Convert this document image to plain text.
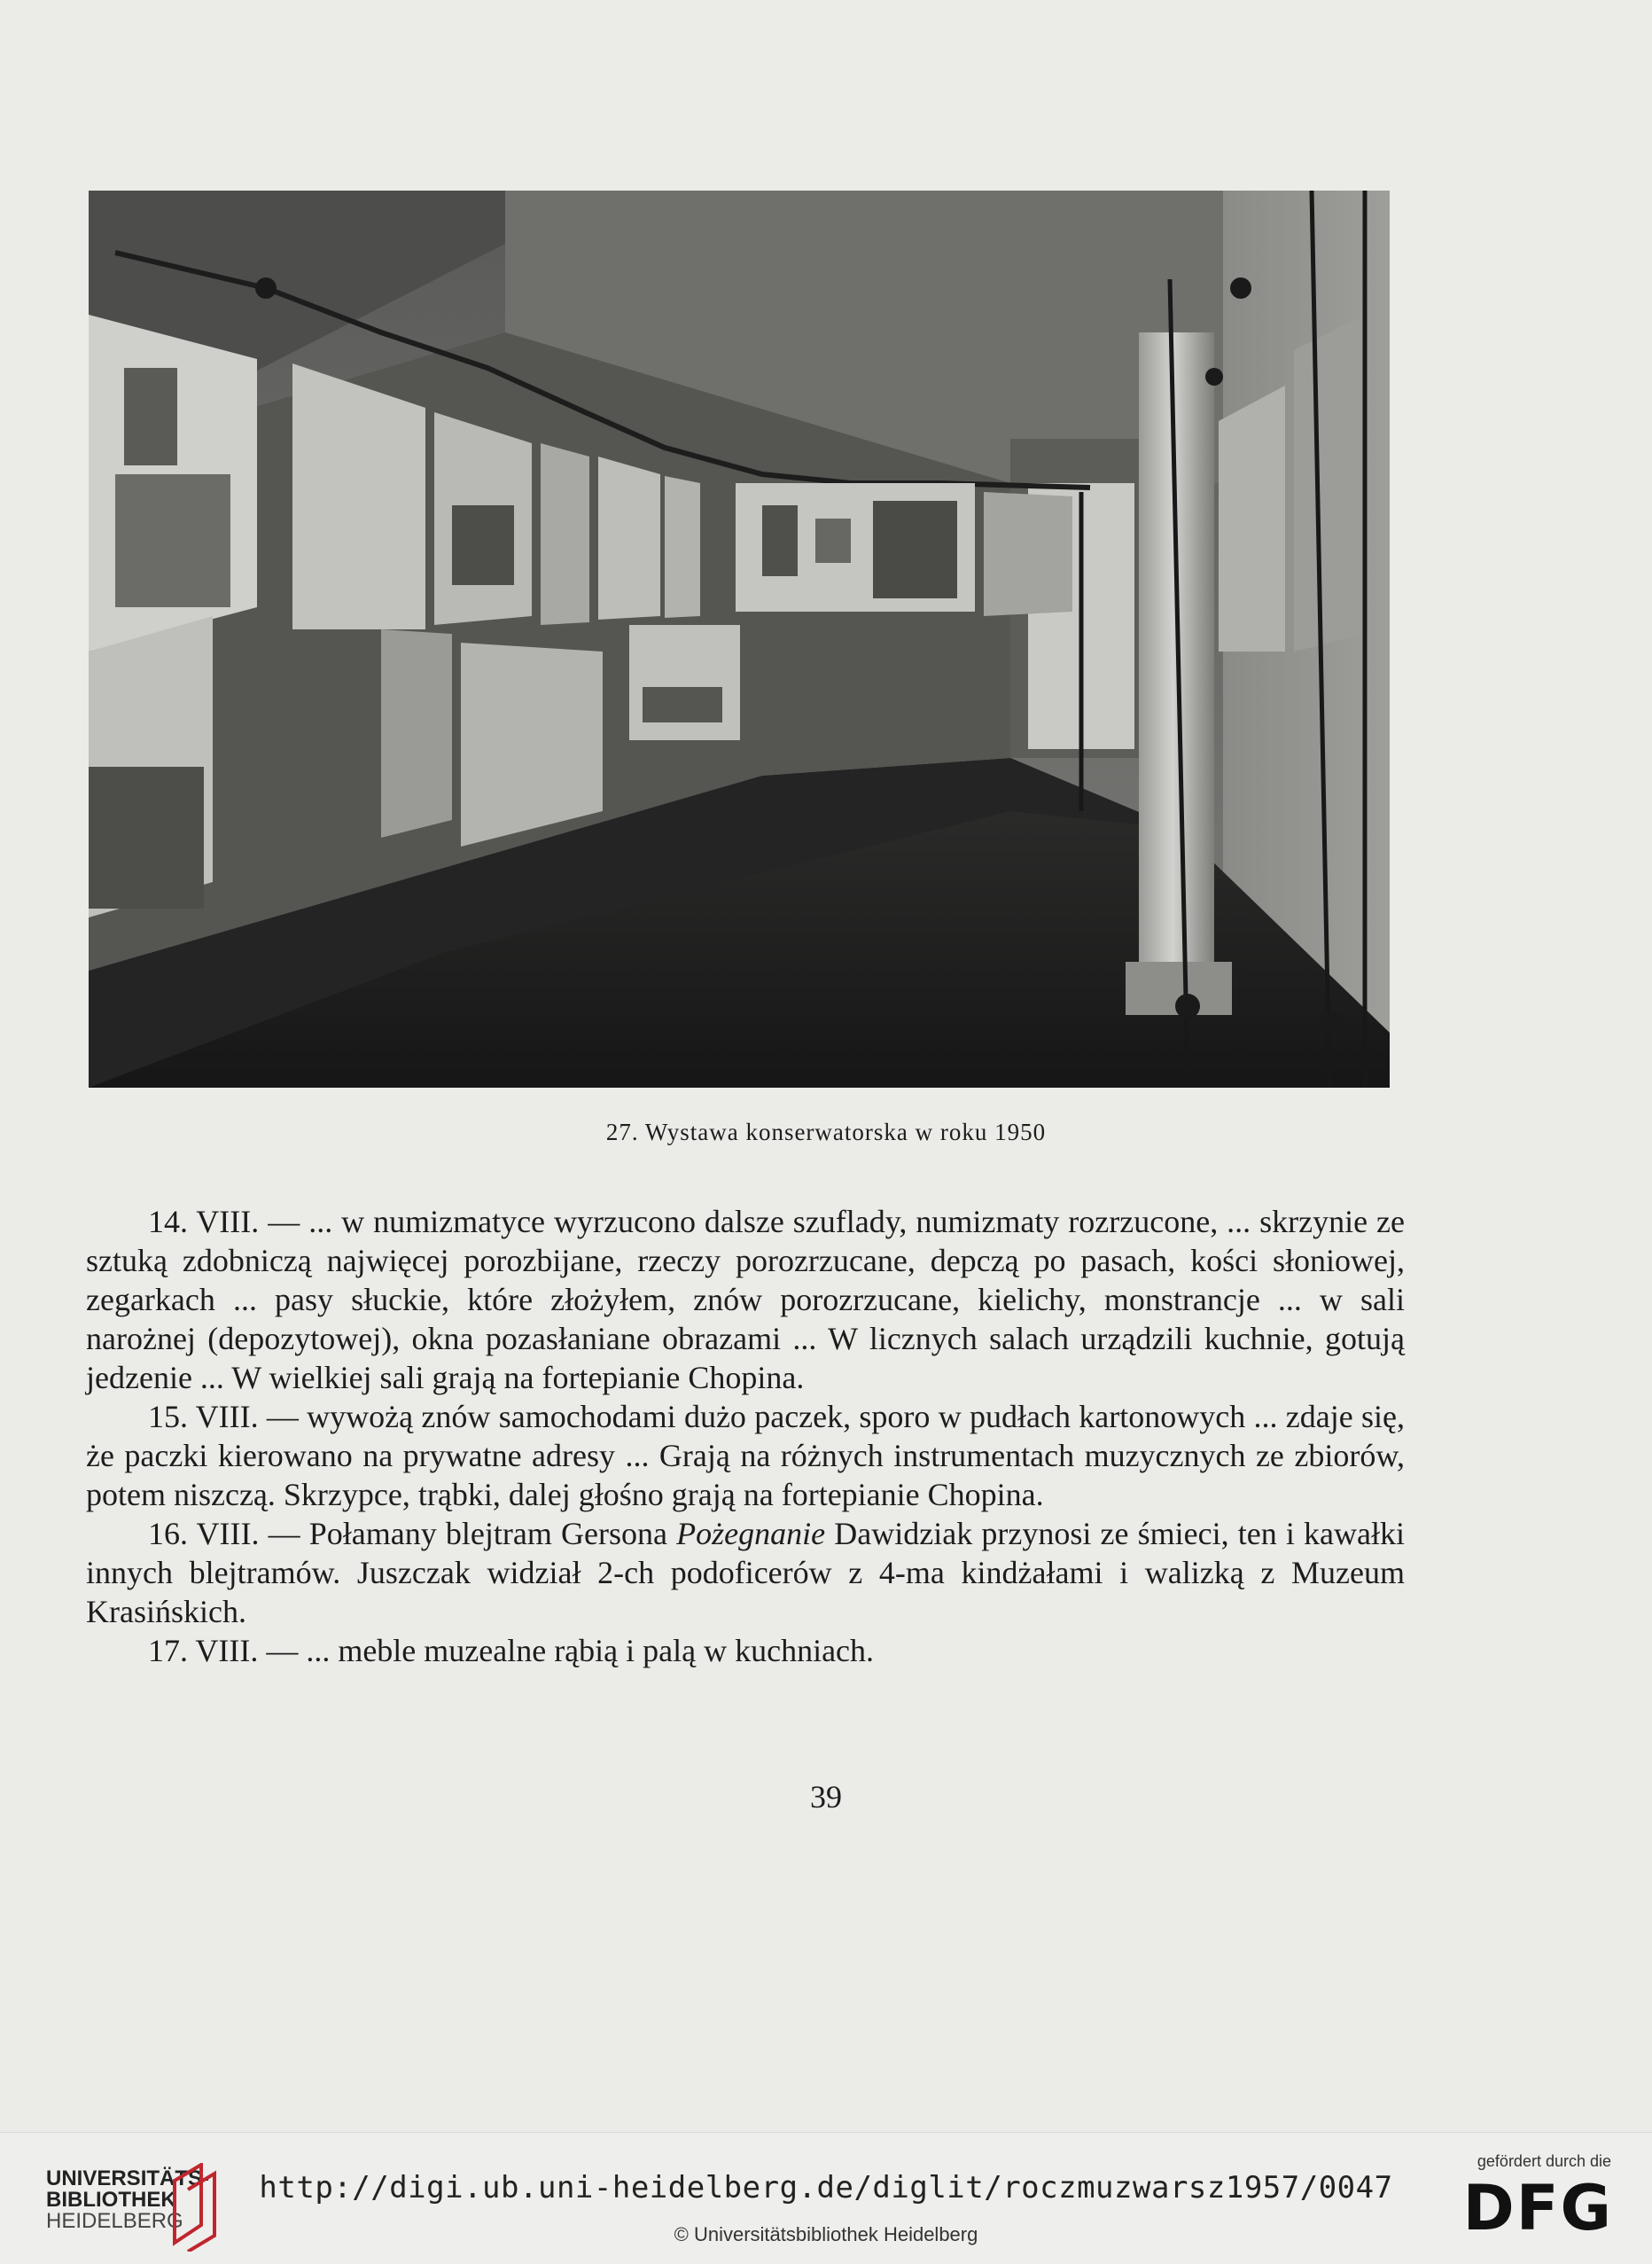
27. Wystawa konserwatorska w roku 1950

14. VIII. — ... w numizmatyce wyrzucono dalsze szuflady, numizmaty rozrzucone, ... skrzynie ze sztuką zdobniczą najwięcej porozbijane, rzeczy porozrzucane, depczą po pasach, kości słoniowej, zegarkach ... pasy słuckie, które złożyłem, znów porozrzucane, kielichy, monstrancje ... w sali narożnej (depozytowej), okna pozasłaniane obrazami ... W licznych salach urządzili kuchnie, gotują jedzenie ... W wielkiej sali grają na fortepianie Chopina.

15. VIII. — wywożą znów samochodami dużo paczek, sporo w pudłach kartonowych ... zdaje się, że paczki kierowano na prywatne adresy ... Grają na różnych instrumentach muzycznych ze zbiorów, potem niszczą. Skrzypce, trąbki, dalej głośno grają na fortepianie Chopina.

16. VIII. — Połamany blejtram Gersona Pożegnanie Dawidziak przynosi ze śmieci, ten i kawałki innych blejtramów. Juszczak widział 2-ch podoficerów z 4-ma kindżałami i walizką z Muzeum Krasińskich.

17. VIII. — ... meble muzealne rąbią i palą w kuchniach.

39
UNIVERSITÄTS-
BIBLIOTHEK
HEIDELBERG
http://digi.ub.uni-heidelberg.de/diglit/roczmuzwarsz1957/0047
© Universitätsbibliothek Heidelberg
gefördert durch die
DFG
